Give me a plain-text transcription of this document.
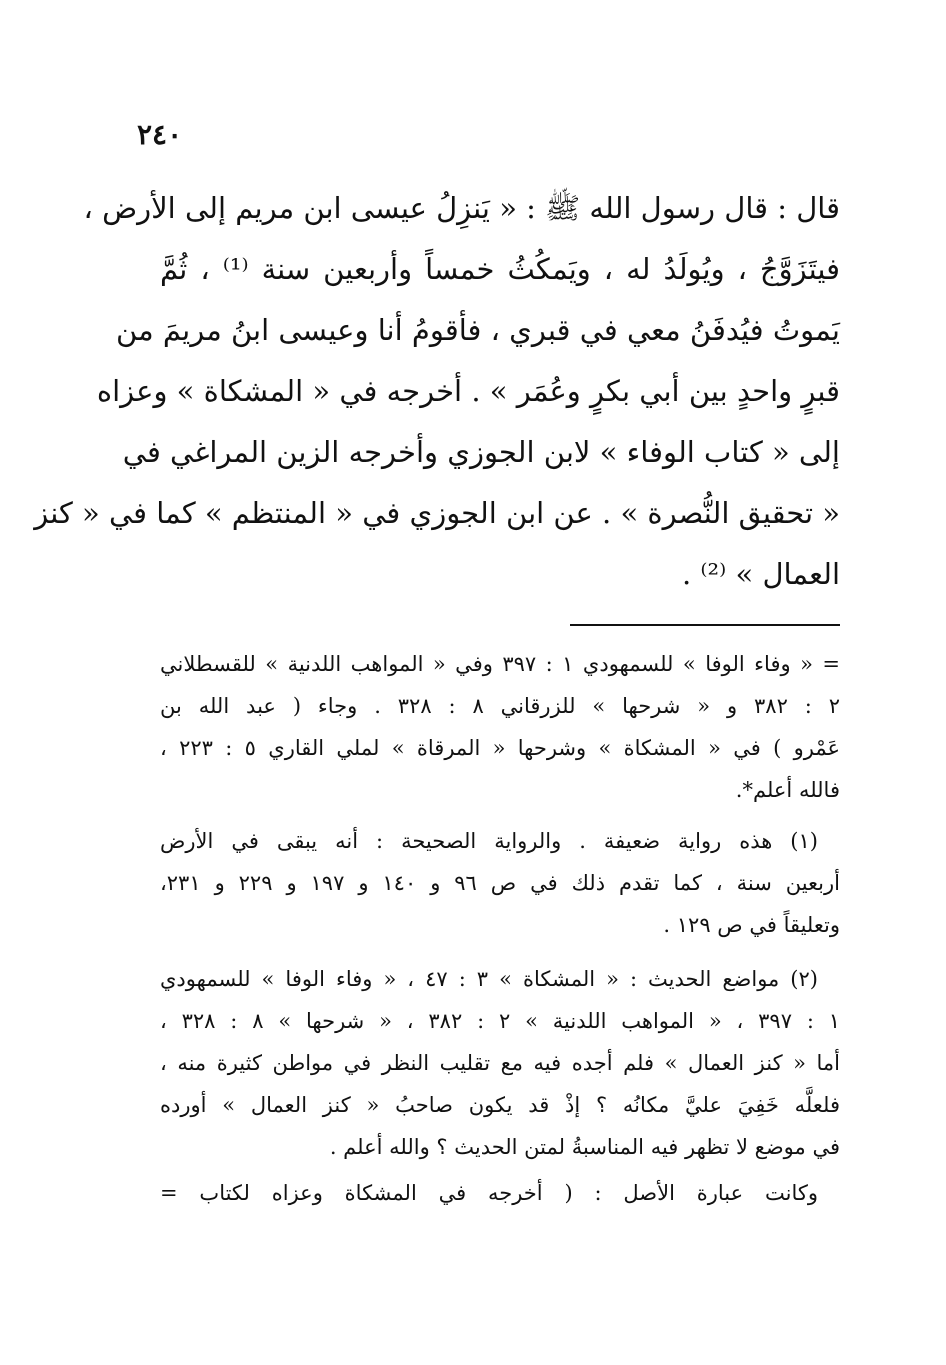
٢٤٠
قال : قال رسول الله ﷺ : « يَنزِلُ عيسى ابن مريم إلى الأرض ،
فيتَزَوَّجُ ، ويُولَدُ له ، ويَمكُثُ خمساً وأربعين سنة ⁽¹⁾ ، ثُمَّ
يَموتُ فيُدفَنُ معي في قبري ، فأقومُ أنا وعيسى ابنُ مريمَ من
قبرٍ واحدٍ بين أبي بكرٍ وعُمَر » . أخرجه في « المشكاة » وعزاه
إلى « كتاب الوفاء » لابن الجوزي وأخرجه الزين المراغي في
« تحقيق النُّصرة » . عن ابن الجوزي في « المنتظم » كما في « كنز
العمال » ⁽²⁾ .
= « وفاء الوفا » للسمهودي ١ : ٣٩٧ وفي « المواهب اللدنية » للقسطلاني
٢ : ٣٨٢ و « شرحها » للزرقاني ٨ : ٣٢٨ . وجاء ( عبد الله بن
عَمْرو ) في « المشكاة » وشرحها « المرقاة » لملي القاري ٥ : ٢٢٣ ،
فالله أعلم*.
(١) هذه رواية ضعيفة . والرواية الصحيحة : أنه يبقى في الأرض
أربعين سنة ، كما تقدم ذلك في ص ٩٦ و ١٤٠ و ١٩٧ و ٢٢٩ و ٢٣١،
وتعليقاً في ص ١٢٩ .
(٢) مواضع الحديث : « المشكاة » ٣ : ٤٧ ، « وفاء الوفا » للسمهودي
١ : ٣٩٧ ، « المواهب اللدنية » ٢ : ٣٨٢ ، « شرحها » ٨ : ٣٢٨ ،
أما « كنز العمال » فلم أجده فيه مع تقليب النظر في مواطن كثيرة منه ،
فلعلَّه خَفِيَ عليَّ مكانُه ؟ إذْ قد يكون صاحبُ « كنز العمال » أورده
في موضع لا تظهر فيه المناسبةُ لمتن الحديث ؟ والله أعلم .
وكانت عبارة الأصل : ( أخرجه في المشكاة وعزاه لكتاب =
